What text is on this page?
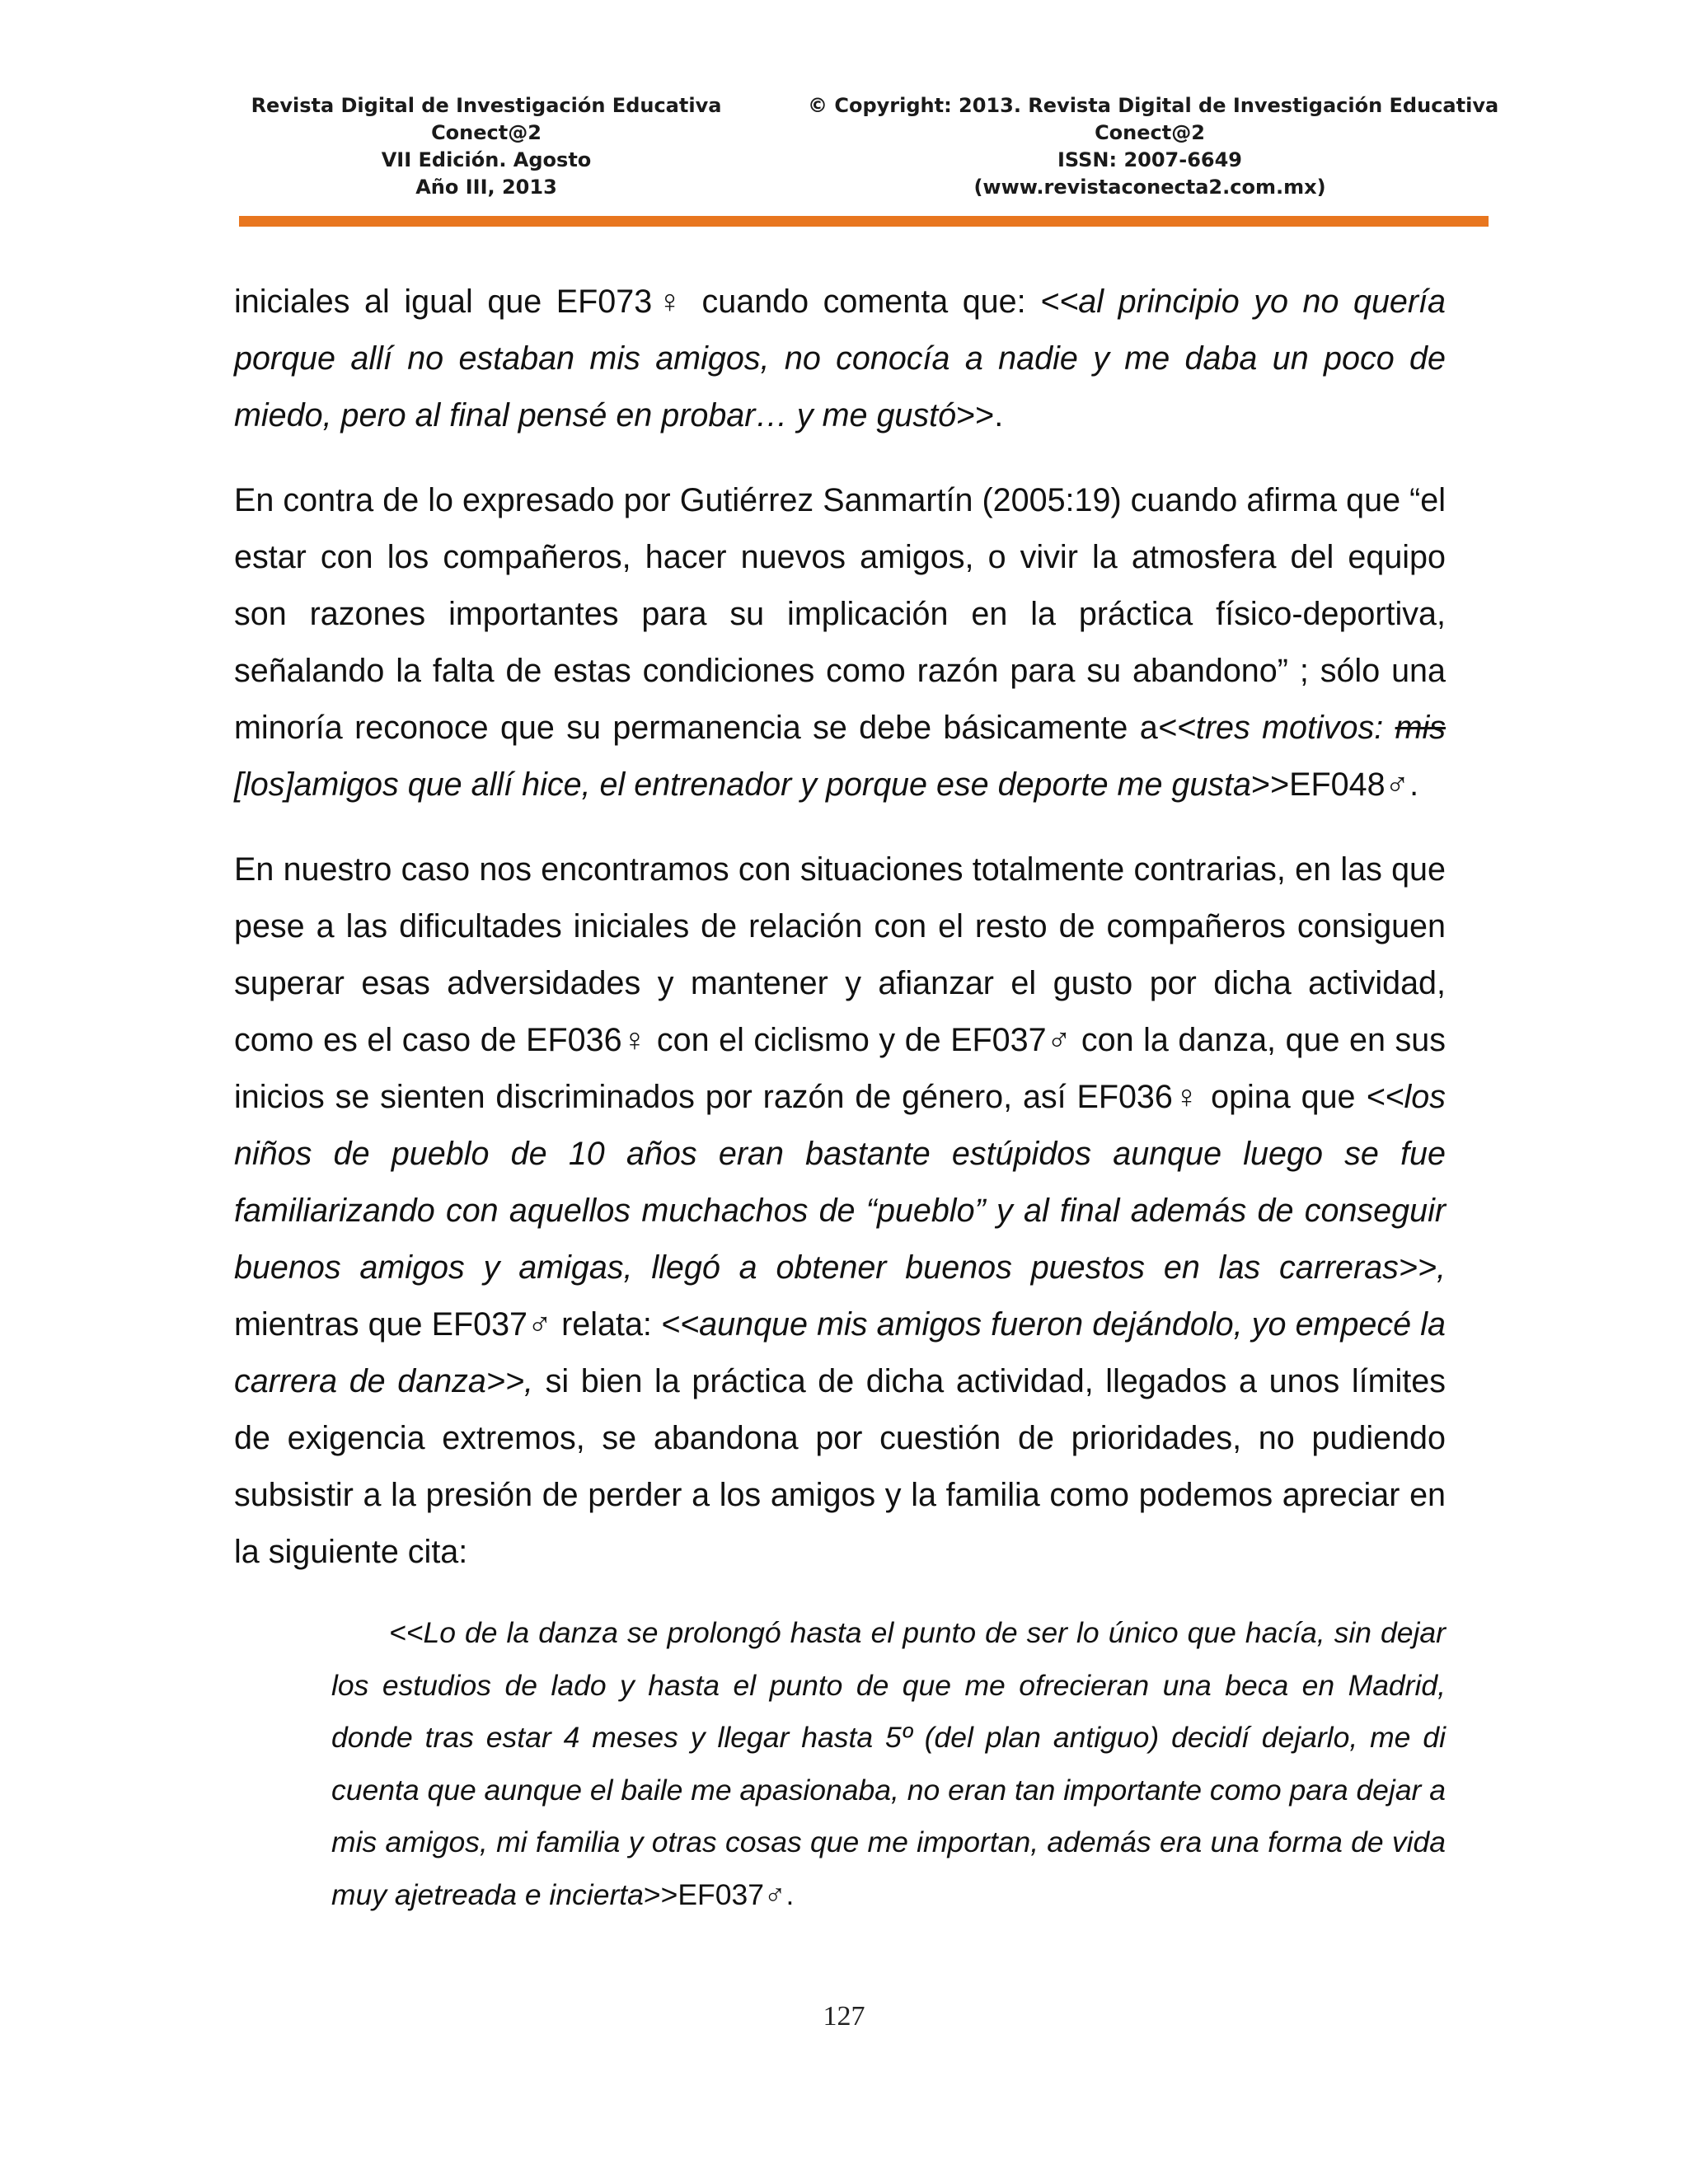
Revista Digital de Investigación Educativa
Conect@2
VII Edición. Agosto
Año III, 2013
© Copyright: 2013. Revista Digital de Investigación Educativa
Conect@2
ISSN: 2007-6649
(www.revistaconecta2.com.mx)

iniciales al igual que EF073♀ cuando comenta que: <<al principio yo no quería porque allí no estaban mis amigos, no conocía a nadie y me daba un poco de miedo, pero al final pensé en probar… y me gustó>>.

En contra de lo expresado por Gutiérrez Sanmartín (2005:19) cuando afirma que “el estar con los compañeros, hacer nuevos amigos, o vivir la atmosfera del equipo son razones importantes para su implicación en la práctica físico-deportiva, señalando la falta de estas condiciones como razón para su abandono” ; sólo una minoría reconoce que su permanencia se debe básicamente a<<tres motivos: mis [los]amigos que allí hice, el entrenador y porque ese deporte me gusta>>EF048♂.

En nuestro caso nos encontramos con situaciones totalmente contrarias, en las que pese a las dificultades iniciales de relación con el resto de compañeros consiguen superar esas adversidades y mantener y afianzar el gusto por dicha actividad, como es el caso de EF036♀ con el ciclismo y de EF037♂ con la danza, que en sus inicios se sienten discriminados por razón de género, así EF036♀ opina que <<los niños de pueblo de 10 años eran bastante estúpidos aunque luego se fue familiarizando con aquellos muchachos de “pueblo” y al final además de conseguir buenos amigos y amigas, llegó a obtener buenos puestos en las carreras>>, mientras que EF037♂ relata: <<aunque mis amigos fueron dejándolo, yo empecé la carrera de danza>>, si bien la práctica de dicha actividad, llegados a unos límites de exigencia extremos, se abandona por cuestión de prioridades, no pudiendo subsistir a la presión de perder a los amigos y la familia como podemos apreciar en la siguiente cita:

<<Lo de la danza se prolongó hasta el punto de ser lo único que hacía, sin dejar los estudios de lado y hasta el punto de que me ofrecieran una beca en Madrid, donde tras estar 4 meses y llegar hasta 5º (del plan antiguo) decidí dejarlo, me di cuenta que aunque el baile me apasionaba, no eran tan importante como para dejar a mis amigos, mi familia y otras cosas que me importan, además era una forma de vida muy ajetreada e incierta>>EF037♂.
127
